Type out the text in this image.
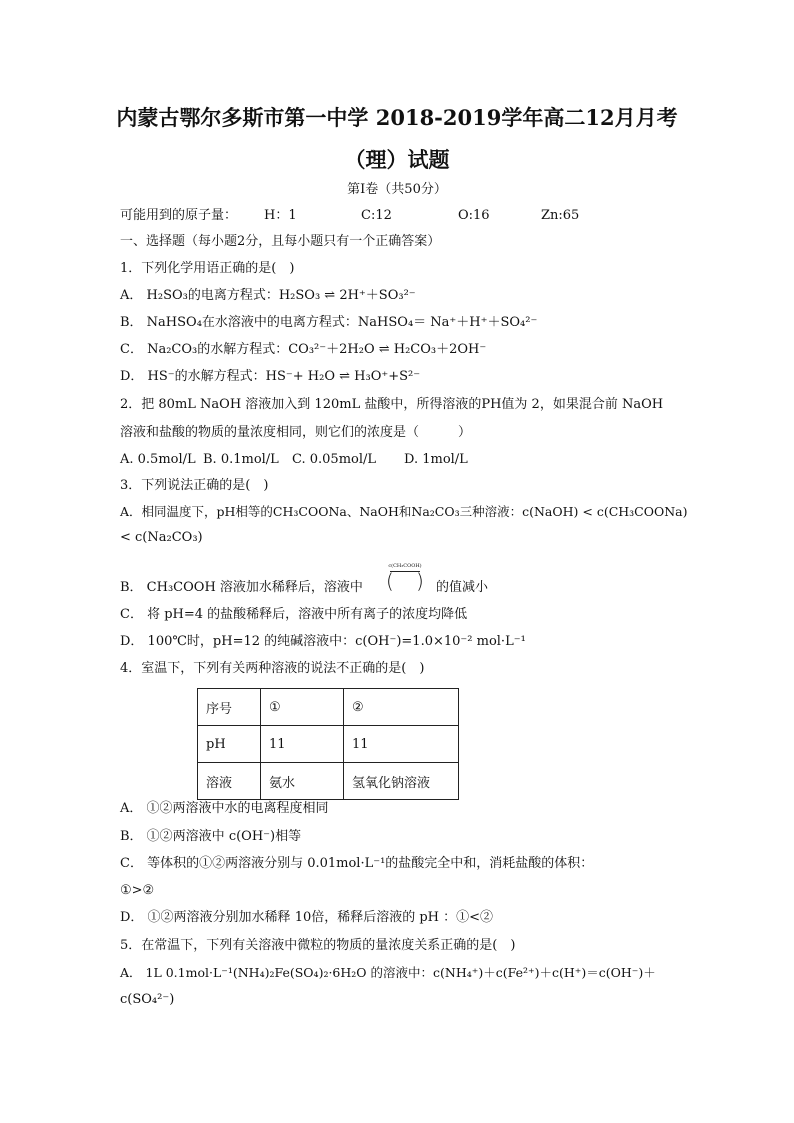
内蒙古鄂尔多斯市第一中学 2018-2019学年高二12月月考
（理）试题
第Ⅰ卷（共50分）
可能用到的原子量： H：1	C:12	O:16	Zn:65
一、选择题（每小题2分，且每小题只有一个正确答案）
1．下列化学用语正确的是(　)
A． H₂SO₃的电离方程式：H₂SO₃ ⇌ 2H⁺＋SO₃²⁻
B． NaHSO₄在水溶液中的电离方程式：NaHSO₄＝ Na⁺＋H⁺＋SO₄²⁻
C． Na₂CO₃的水解方程式：CO₃²⁻＋2H₂O ⇌ H₂CO₃＋2OH⁻
D． HS⁻的水解方程式：HS⁻+ H₂O ⇌ H₃O⁺+S²⁻
2．把 80mL NaOH 溶液加入到 120mL 盐酸中，所得溶液的PH值为 2，如果混合前 NaOH
溶液和盐酸的物质的量浓度相同，则它们的浓度是（　　　）
A. 0.5mol/L B. 0.1mol/L C. 0.05mol/L D. 1mol/L
3．下列说法正确的是(　)
A．相同温度下，pH相等的CH₃COONa、NaOH和Na₂CO₃三种溶液：c(NaOH) < c(CH₃COONa)
< c(Na₂CO₃)
B． CH₃COOH 溶液加水稀释后，溶液中
c(CH₃COOH)
( ) 的值减小
C． 将 pH=4 的盐酸稀释后，溶液中所有离子的浓度均降低
D． 100℃时，pH=12 的纯碱溶液中：c(OH⁻)=1.0×10⁻² mol·L⁻¹
4．室温下，下列有关两种溶液的说法不正确的是(　)
序号	①	②
pH	11	11
溶液	氨水	氢氧化钠溶液
A． ①②两溶液中水的电离程度相同
B． ①②两溶液中 c(OH⁻)相等
C． 等体积的①②两溶液分别与 0.01mol·L⁻¹的盐酸完全中和，消耗盐酸的体积：
①>②
D． ①②两溶液分别加水稀释 10倍，稀释后溶液的 pH ：①<②
5．在常温下，下列有关溶液中微粒的物质的量浓度关系正确的是(　)
A． 1L 0.1mol·L⁻¹(NH₄)₂Fe(SO₄)₂·6H₂O 的溶液中：c(NH₄⁺)＋c(Fe²⁺)＋c(H⁺)＝c(OH⁻)＋
c(SO₄²⁻)
